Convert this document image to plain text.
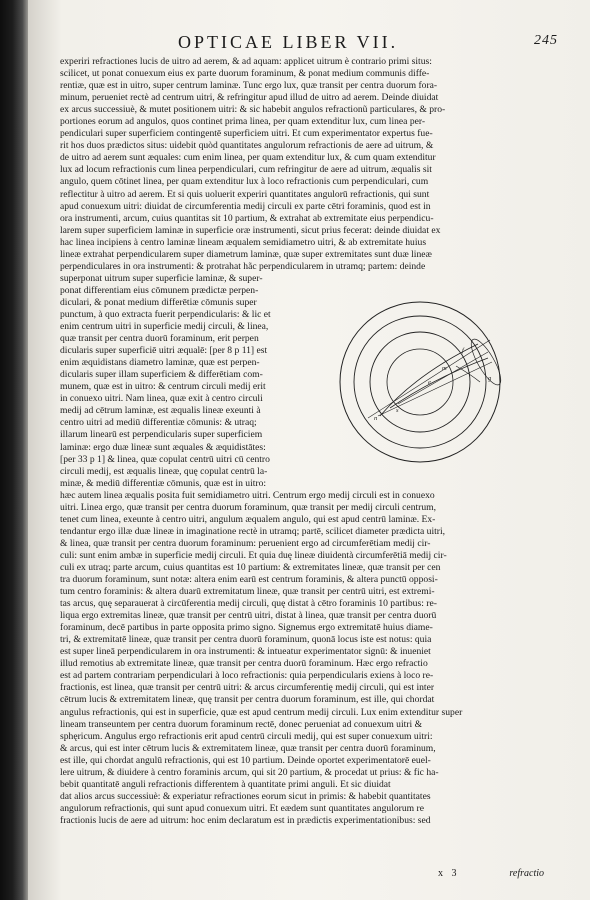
OPTICAE LIBER VII.	245
experiri refractiones lucis de uitro ad aerem, & ad aquam: applicet uitrum è contrario primi situs:
scilicet, ut ponat conuexum eius ex parte duorum foraminum, & ponat medium communis diffe-
rentiæ, quæ est in uitro, super centrum laminæ. Tunc ergo lux, quæ transit per centra duorum fora-
minum, perueniet rectè ad centrum uitri, & refringitur apud illud de uitro ad aerem. Deinde diuidat
ex arcus successiuè, & mutet positionem uitri: & sic habebit angulos refractionũ particulares, & pro-
portiones eorum ad angulos, quos continet prima linea, per quam extenditur lux, cum linea per-
pendiculari super superficiem contingentē superficiem uitri. Et cum experimentator expertus fue-
rit hos duos prædictos situs: uidebit quòd quantitates angulorum refractionis de aere ad uitrum, &
de uitro ad aerem sunt æquales: cum enim linea, per quam extenditur lux, & cum quam extenditur
lux ad locum refractionis cum linea perpendiculari, cum refringitur de aere ad uitrum, æqualis sit
angulo, quem cōtinet linea, per quam extenditur lux à loco refractionis cum perpendiculari, cum
reflectitur à uitro ad aerem. Et si quis uoluerit experiri quantitates angulorū refractionis, qui sunt
apud conuexum uitri: diuidat de circumferentia medij circuli ex parte cētri foraminis, quod est in
ora instrumenti, arcum, cuius quantitas sit 10 partium, & extrahat ab extremitate eius perpendicu-
larem super superficiem laminæ in superficie oræ instrumenti, sicut prius fecerat: deinde diuidat ex
hac linea incipiens à centro laminæ lineam æqualem semidiametro uitri, & ab extremitate huius
lineæ extrahat perpendicularem super diametrum laminæ, quæ super extremitates sunt duæ lineæ
perpendiculares in ora instrumenti: & protrahat hãc perpendicularem in utramq; partem: deinde
superponat uitrum super superficie laminæ, & super-
ponat differentiam eius cōmunem prædictæ perpen-
diculari, & ponat medium differētiæ cōmunis super
punctum, à quo extracta fuerit perpendicularis: & lic et
enim centrum uitri in superficie medij circuli, & linea,
quæ transit per centra duorū foraminum, erit perpen
dicularis super superficiē uitri æqualē: [per 8 p 11] est
enim æquidistans diametro laminæ, quæ est perpen-
dicularis super illam superficiem & differētiam com-
munem, quæ est in uitro: & centrum circuli medij erit
in conuexo uitri. Nam linea, quæ exit à centro circuli
medij ad cētrum laminæ, est æqualis lineæ exeunti à
centro uitri ad mediū differentiæ cōmunis: & utraq;
illarum linearū est perpendicularis super superficiem
laminæ: ergo duæ lineæ sunt æquales & æquidistātes:
[per 33 p 1] & linea, quæ copulat centrū uitri cū centro
circuli medij, est æqualis lineæ, quę copulat centrū la-
minæ, & mediū differentiæ cōmunis, quæ est in uitro:
hæc autem linea æqualis posita fuit semidiametro uitri. Centrum ergo medij circuli est in conuexo
uitri. Linea ergo, quæ transit per centra duorum foraminum, quæ transit per medij circuli centrum,
tenet cum linea, exeunte à centro uitri, angulum æqualem angulo, qui est apud centrū laminæ. Ex-
tendantur ergo illæ duæ lineæ in imaginatione rectè in utramq; partē, scilicet diameter prædicta uitri,
& linea, quæ transit per centra duorum foraminum: peruenient ergo ad circumferētiam medij cir-
culi: sunt enim ambæ in superficie medij circuli. Et quia duę lineæ diuidentà circumferētiā medij cir-
culi ex utraq; parte arcum, cuius quantitas est 10 partium: & extremitates lineæ, quæ transit per cen
tra duorum foraminum, sunt notæ: altera enim earū est centrum foraminis, & altera punctū opposi-
tum centro foraminis: & altera duarū extremitatum lineæ, quæ transit per centrū uitri, est extremi-
tas arcus, quę separauerat à circūferentia medij circuli, quę distat à cētro foraminis 10 partibus: re-
liqua ergo extremitas lineæ, quæ transit per centrū uitri, distat à linea, quæ transit per centra duorū
foraminum, decē partibus in parte opposita primo signo. Signemus ergo extremitatē huius diame-
tri, & extremitatē lineæ, quæ transit per centra duorū foraminum, quonā locus iste est notus: quia
est super lineā perpendicularem in ora instrumenti: & intueatur experimentator signū: & inueniet
illud remotius ab extremitate lineæ, quæ transit per centra duorū foraminum. Hæc ergo refractio
est ad partem contrariam perpendiculari à loco refractionis: quia perpendicularis exiens à loco re-
fractionis, est linea, quæ transit per centrū uitri: & arcus circumferentię medij circuli, qui est inter
cētrum lucis & extremitatem lineæ, quę transit per centra duorum foraminum, est ille, qui chordat
angulus refractionis, qui est in superficie, quæ est apud centrum medij circuli. Lux enim extenditur super
lineam transeuntem per centra duorum foraminum rectē, donec perueniat ad conuexum uitri &
sphęricum. Angulus ergo refractionis erit apud centrū circuli medij, qui est super conuexum uitri:
& arcus, qui est inter cētrum lucis & extremitatem lineæ, quæ transit per centra duorū foraminum,
est ille, qui chordat angulū refractionis, qui est 10 partium. Deinde oportet experimentatorē euel-
lere uitrum, & diuidere à centro foraminis arcum, qui sit 20 partium, & procedat ut prius: & fic ha-
bebit quantitatē anguli refractionis differentem à quantitate primi anguli. Et sic diuidat
dat alios arcus successiuè: & experiatur refractiones eorum sicut in primis: & habebit quantitates
angulorum refractionis, qui sunt apud conuexum uitri. Et eædem sunt quantitates angulorum re
fractionis lucis de aere ad uitrum: hoc enim declaratum est in prædictis experimentationibus: sed
n
s
e
f
g
m
x 3	refractio
